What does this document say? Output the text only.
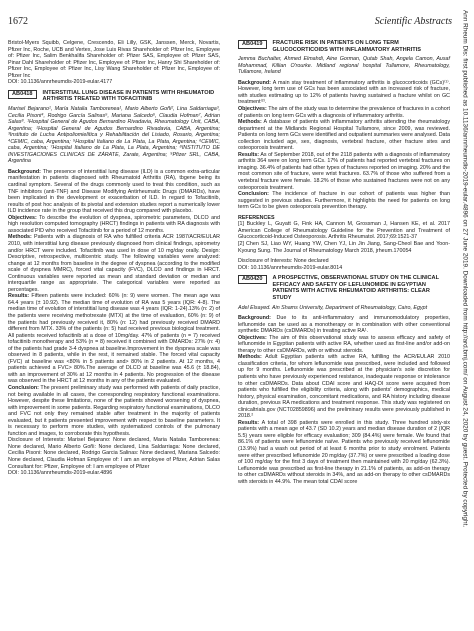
1672	Scientific Abstracts

Bristol-Myers Squibb, Celgene, Crescendo, Eli Lilly, GSK, Janssen, Merck, Novartis, Pfizer Inc, Roche, UCB and Vertex, Jose Luis Rivas Shareholder of: Pfizer Inc, Employee of: Pfizer Inc, Salim Benkhalifa Shareholder of: Pfizer SAS, Employee of: Pfizer SAS, Pinar Dahl Shareholder of: Pfizer Inc, Employee of: Pfizer Inc, Hanry Shi Shareholder of: Pfizer Inc, Employee of: Pfizer Inc, Lisy Wang Shareholder of: Pfizer Inc, Employee of: Pfizer Inc

DOI: 10.1136/annrheumdis-2019-eular.4177

AB0418	INTERSTITIAL LUNG DISEASE IN PATIENTS WITH RHEUMATOID ARTHRITIS TREATED WITH TOFACITINIB

Marisel Bejarano¹, María Natalia Tamborenea¹, Mario Alberto Goñi², Lina Saldarriaga³, Cecilia Pisoni⁴, Rodrigo García Salinas⁵, Mariana Salcedo⁶, Claudia Hofman⁷, Adrian Salas⁸. ¹Hospital General de Agudos Bernardino Rivadavia, Rheumatology Unit, CABA, Argentina; ²Hospital General de Agudos Bernardino Rivadavia, CABA, Argentina; ³Instituto de Lucha Antipoliomielítica y Rehabilitación del Lisiado, Rosario, Argentina; ⁴CEMIC, caba, Argentina; ⁵Hospital Italiano de La Plata, La Plata, Argentina; ⁶CEMIC, caba, Argentina; ⁷Hospital Italiano de La Plata, La Plata, Argentina; ⁸INSTITUTO DE INVESTIGACIONES CLINICAS DE ZÁRATE, Zarate, Argentina; ⁹Pfizer SRL, CABA, Argentina

Background: The presence of interstitial lung disease (ILD) is a common extra-articular manifestation in patients diagnosed with Rheumatoid Arthritis (RA), tbgene being its cardinal symptom. Several of the drugs commonly used to treat this condition, such as TNF inhibitors (anti-TNF) and Disease Modifying Antirheumatic Drugs (DMARDs), have been implicated in the development or exacerbation of ILD. In regard to Tofacitinib, results of post hoc analysis of its pivotal and extension studies report a numerically lower ILD incidence rate in the group that received this drug compared with placebo.

Objectives: To describe the evolution of dyspnea, spirometric parameters, DLCO and high resolution computed tomography (HRCT) findings in patients with RA diagnosis with associated PID who received Tofacitinib for a period of 12 months.

Methods: Patients with a diagnosis of RA who fulfilled criteria ACR 1987/ACR/EULAR 2010, with interstitial lung disease previously diagnosed from clinical findings, spirometry and/or HRCT were included. Tofacitinib was used in dose of 10 mg/day orally. Design: Descriptive, retrospective, multicentric study. The following variables were analyzed: change at 12 months from baseline in the degree of dyspnea (according to the modified scale of dyspnea MMRC), forced vital capacity (FVC), DLCO and findings in HRCT. Continuous variables were reported as mean and standard deviation or median and interquartile range as appropriate. The categorical variables were reported as percentages.

Results: Fifteen patients were included: 60% (n: 9) were women. The mean age was 64.4 years (± 10.92). The median time of evolution of RA was 5 years (IQR: 4-8). The median time of evolution of interstitial lung disease was 4 years (IQR: 1-24).13% (n: 2) of the patients were receiving methotrexate (MTX) at the time of evaluation, 60% (n: 9) of the patients had previously received it, 80% (n: 12) had previously received DMARD different from MTX. 33% of the patients (n: 5) had received previous biological treatment. All patients received tofacitinib at a dose of 10mg/day. 47% of patients (n = 7) received tofacitinib monotherapy and 53% (n = 8) received it combined with DMARDs: 27% (n: 4) of the patients had grade 3-4 dyspnea at baseline.Improvement in the dyspnea scale was observed in 8 patients, while in the rest, it remained stable. The forced vital capacity (FVC) at baseline was <80% in 5 patients and> 80% in 2 patients. At 12 months, 4 patients achieved a FVC> 80%.The average of DLCO at baseline was 45.6 (± 18.84), with an improvement of 30% at 12 months in 4 patients. No progression of the disease was observed in the HRCT at 12 months in any of the patients evaluated.

Conclusion: The present preliminary study was performed with patients of daily practice, not being available in all cases, the corresponding respiratory functional examinations. However, despite these limitations, none of the patients showed worsening of dyspnea, with improvement in some patients. Regarding respiratory functional examinations, DLCO and FVC not only they remained stable after treatment in the majority of patients evaluated, but it patients presented improvement with respect to baseline parameters. It is necessary to perform more studies, with systematized controls of the pulmonary function and images, to corroborate this hypothesis.

Disclosure of Interests: Marisel Bejarano: None declared, Maria Natalia Tamborenea: None declared, Mario Alberto Goñi: None declared, Lina Saldarriaga: None declared, Cecilia Pisoni: None declared, Rodrigo Garcia Salinas: None declared, Mariana Salcedo: None declared, Claudia Hofman Employee of: I am an employee of Pfizer, Adrian Salas Consultant for: Pfizer, Employee of: I am employee of Pfizer

DOI: 10.1136/annrheumdis-2019-eular.4896

AB0419	FRACTURE RISK IN PATIENTS ON LONG TERM GLUCOCORTICOIDS WITH INFLAMMATORY ARTHRITIS

Jemma Buchalter, Ahmed Elmahdi, Aine Gorman, Qutab Shah, Angela Camon, Ausaf Mohammad, Killian O'rourke. Midland regional hospital Tullamore, Rheumatology, Tullamore, Ireland

Background: A main stay treatment of inflammatory arthritis is glucocorticoids (GCs)⁽¹⁾. However, long term use of GCs has been associated with an increased risk of fracture, with studies estimating up to 12% of patients having sustained a fracture whilst on GC treatment⁽²⁾.

Objectives: The aim of the study was to determine the prevalence of fractures in a cohort of patients on long term GCs with a diagnosis of inflammatory arthritis.

Methods: A database of patients with inflammatory arthritis attending the rheumatology department at the Midlands Regional Hospital Tullamore, since 2009, was reviewed. Patients on long term GCs were identified and outpatient summaries were analysed. Data collection included age, sex, diagnosis, vertebral fracture, other fracture sites and osteoporosis treatment.

Results: As of September 2018, out of the 2118 patients with a diagnosis of inflammatory arthritis 364 were on long term GCs. 17% of patients had reported vertebral fractures on imaging. 36.4% of patients had other types of fractures reported on imaging. 20% and the most common site of fracture, were wrist fractures. 63.7% of those who suffered from a vertebral fracture were female. 18.2% of those who sustained fractures were not on any osteoporosis treatment.

Conclusion: The incidence of fracture in our cohort of patients was higher than suggested in previous studies. Furthermore, it highlights the need for patients on long term GCs to be given osteoporosis prevention therapy.

REFERENCES

[1] Buckley L, Guyatt G, Fink HA, Cannon M, Grossman J, Hansen KE, et al. 2017 American College of Rheumatology Guideline for the Prevention and Treatment of Glucocorticoid-Induced Osteoporosis. Arthritis Rheumatol. 2017;69:1521-37

[2] Chen SJ, Liao WY, Huang YW, Chen YJ, Lin Jin Jiang, Sang-Cheol Bae and Yoon-Kyoung Sung. The Journal of Rheumatology March 2018, jrheum.170054

Disclosure of Interests: None declared

DOI: 10.1136/annrheumdis-2019-eular.8014

AB0420	A PROSPECTIVE, OBSERVATIONAL STUDY ON THE CLINICAL EFFICACY AND SAFETY OF LEFLUNOMIDE IN EGYPTIAN PATIENTS WITH ACTIVE RHEUMATOID ARTHRITIS: CLEAR STUDY

Adel Elsayed. Ain Shams University, Department of Rheumatology, Cairo, Egypt

Background: Due to its anti-inflammatory and immunomodulatory properties, leflunomide can be used as a monotherapy or in combination with other conventional synthetic DMARDs (csDMARDs) in treating active RA¹.

Objectives: The aim of this observational study was to assess efficacy and safety of leflunomide in Egyptian patients with active RA, whether used as first-line and/or add-on therapy to other csDMARDs, with or without steroids.

Methods: Adult Egyptian patients with active RA, fulfilling the ACR/EULAR 2010 classification criteria, for whom leflunomide was prescribed, were included and followed up for 9 months. Leflunomide was prescribed at the physician's sole discretion for patients who have previously experienced resistance, inadequate response or intolerance to other csDMARDs. Data about CDAI score and HAQ-DI score were acquired from patients who fulfilled the eligibility criteria, along with patients' demographics, medical history, physical examination, concomitant medications, and RA history including disease duration, previous RA medications and treatment response. This study was registered on clinicaltrials.gov (NCT02859896) and the preliminary results were previously published in 2018.²

Results: A total of 398 patients were enrolled in this study. Three hundred sixty-six patients with a mean age of 43.7 (SD 10.2) years and median disease duration of 2 (IQR 5.5) years were eligible for efficacy evaluation; 309 (84.4%) were female. We found that 86.1% of patients were leflunomide naïve. Patients who previously received leflunomide (13.9%) had a wash out period of at least 6 months prior to study enrolment. Patients were either prescribed leflunomide 20 mg/day (37.7%) or were prescribed a loading dose of 100 mg/day for the first 3 days of treatment then maintained with 20 mg/day (62.3%). Leflunomide was prescribed as first-line therapy in 21.1% of patients, as add-on therapy to other csDMARDs without steroids in 34%, and as add-on therapy to other csDMARDs with steroids in 44.9%. The mean total CDAI score	Ann Rheum Dis: first published as 10.1136/annrheumdis-2019-eular.4896 on 27 June 2019. Downloaded from http://ard.bmj.com/ on August 24, 2020 by guest. Protected by copyright.
